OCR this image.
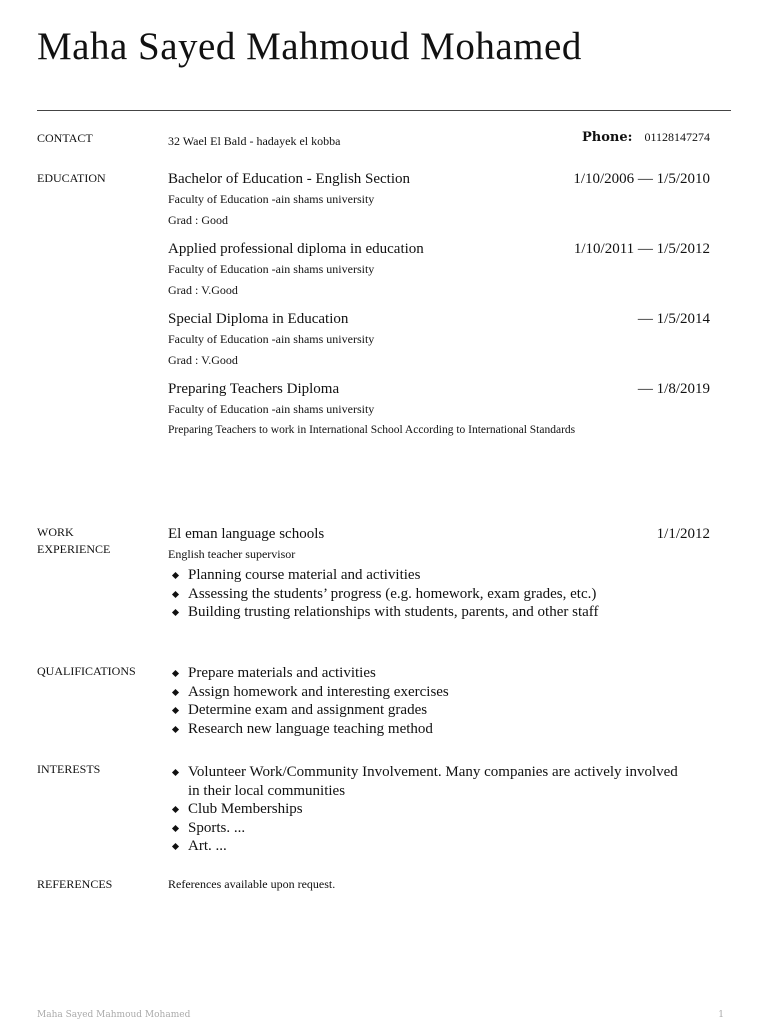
Maha Sayed Mahmoud Mohamed
CONTACT	32 Wael El Bald - hadayek el kobba	Phone: 01128147274
EDUCATION	Bachelor of Education - English Section	1/10/2006 — 1/5/2010
Faculty of Education -ain shams university
Grad : Good
Applied professional diploma in education	1/10/2011 — 1/5/2012
Faculty of Education -ain shams university
Grad : V.Good
Special Diploma in Education	— 1/5/2014
Faculty of Education -ain shams university
Grad : V.Good
Preparing Teachers Diploma	— 1/8/2019
Faculty of Education -ain shams university
Preparing Teachers to work in International School According to International Standards
WORK
EXPERIENCE
El eman language schools	1/1/2012
English teacher supervisor
Planning course material and activities
Assessing the students’ progress (e.g. homework, exam grades, etc.)
Building trusting relationships with students, parents, and other staff
QUALIFICATIONS	Prepare materials and activities
Assign homework and interesting exercises
Determine exam and assignment grades
Research new language teaching method
INTERESTS	Volunteer Work/Community Involvement. Many companies are actively involved in their local communities
Club Memberships
Sports. ...
Art. ...
REFERENCES	References available upon request.
Maha Sayed Mahmoud Mohamed	1
